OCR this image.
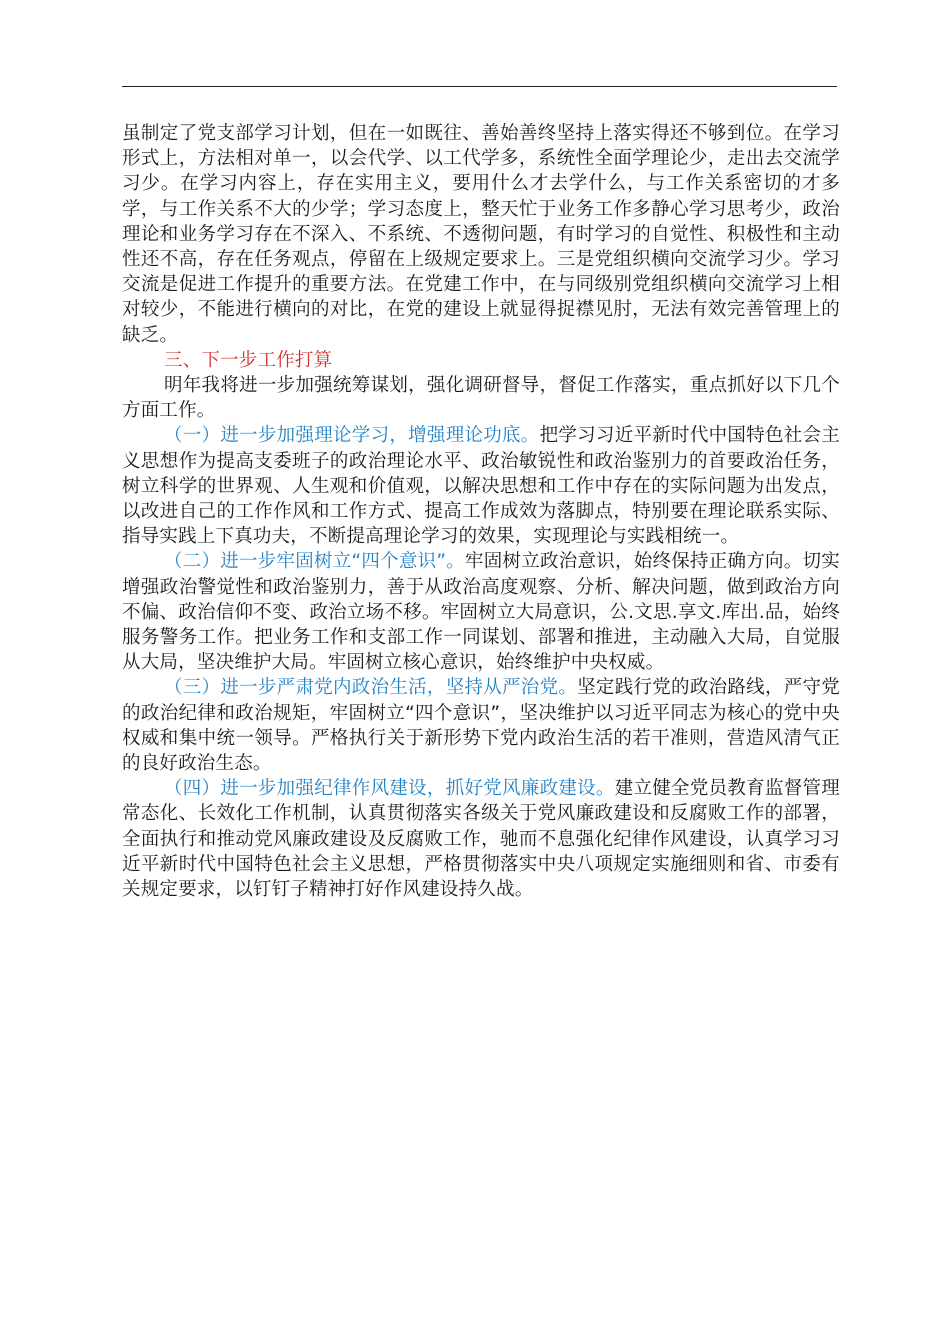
虽制定了党支部学习计划，但在一如既往、善始善终坚持上落实得还不够到位。在学习形式上，方法相对单一，以会代学、以工代学多，系统性全面学理论少，走出去交流学习少。在学习内容上，存在实用主义，要用什么才去学什么，与工作关系密切的才多学，与工作关系不大的少学；学习态度上，整天忙于业务工作多静心学习思考少，政治理论和业务学习存在不深入、不系统、不透彻问题，有时学习的自觉性、积极性和主动性还不高，存在任务观点，停留在上级规定要求上。三是党组织横向交流学习少。学习交流是促进工作提升的重要方法。在党建工作中，在与同级别党组织横向交流学习上相对较少，不能进行横向的对比，在党的建设上就显得捉襟见肘，无法有效完善管理上的缺乏。

三、下一步工作打算

明年我将进一步加强统筹谋划，强化调研督导，督促工作落实，重点抓好以下几个方面工作。

（一）进一步加强理论学习，增强理论功底。把学习习近平新时代中国特色社会主义思想作为提高支委班子的政治理论水平、政治敏锐性和政治鉴别力的首要政治任务，树立科学的世界观、人生观和价值观，以解决思想和工作中存在的实际问题为出发点，以改进自己的工作作风和工作方式、提高工作成效为落脚点，特别要在理论联系实际、指导实践上下真功夫，不断提高理论学习的效果，实现理论与实践相统一。

（二）进一步牢固树立“四个意识”。牢固树立政治意识，始终保持正确方向。切实增强政治警觉性和政治鉴别力，善于从政治高度观察、分析、解决问题，做到政治方向不偏、政治信仰不变、政治立场不移。牢固树立大局意识，公.文思.享文.库出.品，始终服务警务工作。把业务工作和支部工作一同谋划、部署和推进，主动融入大局，自觉服从大局，坚决维护大局。牢固树立核心意识，始终维护中央权威。

（三）进一步严肃党内政治生活，坚持从严治党。坚定践行党的政治路线，严守党的政治纪律和政治规矩，牢固树立“四个意识”，坚决维护以习近平同志为核心的党中央权威和集中统一领导。严格执行关于新形势下党内政治生活的若干准则，营造风清气正的良好政治生态。

（四）进一步加强纪律作风建设，抓好党风廉政建设。建立健全党员教育监督管理常态化、长效化工作机制，认真贯彻落实各级关于党风廉政建设和反腐败工作的部署，全面执行和推动党风廉政建设及反腐败工作，驰而不息强化纪律作风建设，认真学习习近平新时代中国特色社会主义思想，严格贯彻落实中央八项规定实施细则和省、市委有关规定要求，以钉钉子精神打好作风建设持久战。
